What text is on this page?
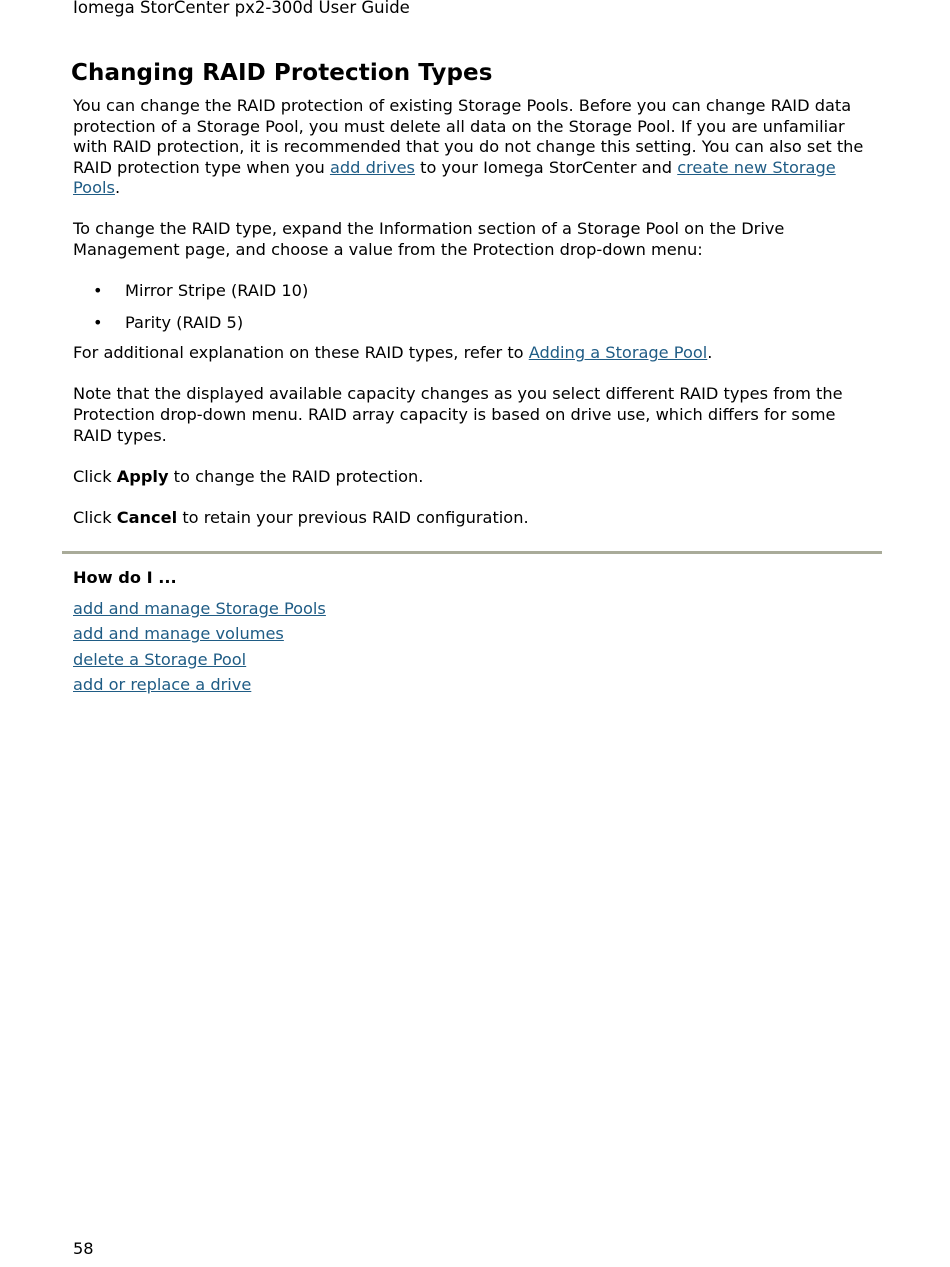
Iomega StorCenter px2-300d User Guide

Changing RAID Protection Types

You can change the RAID protection of existing Storage Pools. Before you can change RAID data protection of a Storage Pool, you must delete all data on the Storage Pool. If you are unfamiliar with RAID protection, it is recommended that you do not change this setting. You can also set the RAID protection type when you add drives to your Iomega StorCenter and create new Storage Pools.

To change the RAID type, expand the Information section of a Storage Pool on the Drive Management page, and choose a value from the Protection drop-down menu:

• Mirror Stripe (RAID 10)
• Parity (RAID 5)

For additional explanation on these RAID types, refer to Adding a Storage Pool.

Note that the displayed available capacity changes as you select different RAID types from the Protection drop-down menu. RAID array capacity is based on drive use, which differs for some RAID types.

Click Apply to change the RAID protection.

Click Cancel to retain your previous RAID configuration.

How do I ...
add and manage Storage Pools
add and manage volumes
delete a Storage Pool
add or replace a drive

58
